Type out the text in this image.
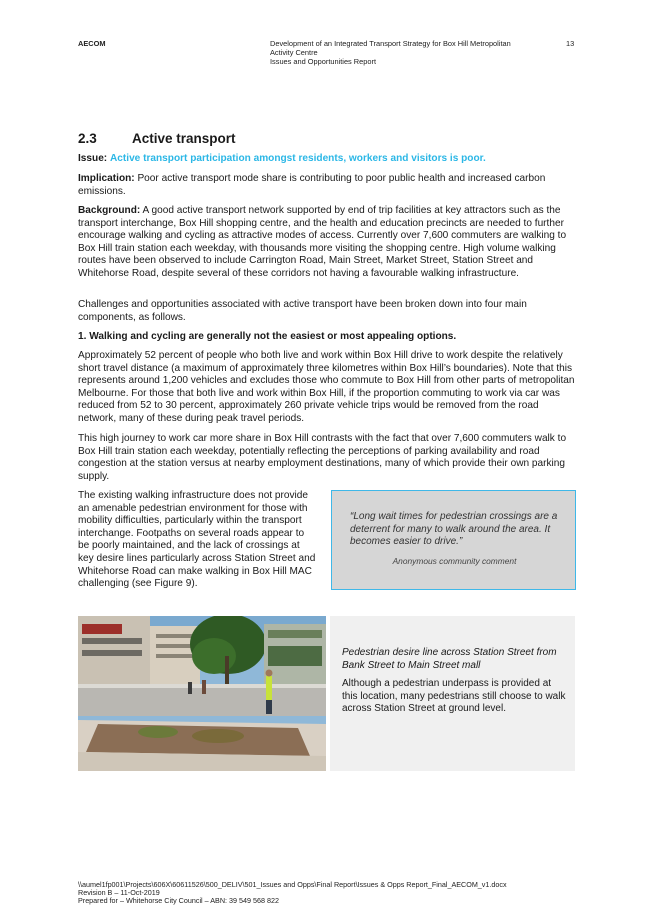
AECOM	Development of an Integrated Transport Strategy for Box Hill Metropolitan
Activity Centre
Issues and Opportunities Report
13
2.3	Active transport
Issue: Active transport participation amongst residents, workers and visitors is poor.
Implication: Poor active transport mode share is contributing to poor public health and increased carbon emissions.
Background: A good active transport network supported by end of trip facilities at key attractors such as the transport interchange, Box Hill shopping centre, and the health and education precincts are needed to further encourage walking and cycling as attractive modes of access. Currently over 7,600 commuters are walking to Box Hill train station each weekday, with thousands more visiting the shopping centre. High volume walking routes have been observed to include Carrington Road, Main Street, Market Street, Station Street and Whitehorse Road, despite several of these corridors not having a favourable walking infrastructure.
Challenges and opportunities associated with active transport have been broken down into four main components, as follows.
1. Walking and cycling are generally not the easiest or most appealing options.
Approximately 52 percent of people who both live and work within Box Hill drive to work despite the relatively short travel distance (a maximum of approximately three kilometres within Box Hill’s boundaries). Note that this represents around 1,200 vehicles and excludes those who commute to Box Hill from other parts of metropolitan Melbourne. For those that both live and work within Box Hill, if the proportion commuting to work via car was reduced from 52 to 30 percent, approximately 260 private vehicle trips would be removed from the road network, many of these during peak travel periods.
This high journey to work car more share in Box Hill contrasts with the fact that over 7,600 commuters walk to Box Hill train station each weekday, potentially reflecting the perceptions of parking availability and road congestion at the station versus at nearby employment destinations, many of which provide their own parking supply.
The existing walking infrastructure does not provide an amenable pedestrian environment for those with mobility difficulties, particularly within the transport interchange. Footpaths on several roads appear to be poorly maintained, and the lack of crossings at key desire lines particularly across Station Street and Whitehorse Road can make walking in Box Hill MAC challenging (see Figure 9).
“Long wait times for pedestrian crossings are a deterrent for many to walk around the area. It becomes easier to drive.”
Anonymous community comment
Pedestrian desire line across Station Street from Bank Street to Main Street mall
Although a pedestrian underpass is provided at this location, many pedestrians still choose to walk across Station Street at ground level.
\\aumel1fp001\Projects\606X\60611526\500_DELIV\501_Issues and Opps\Final Report\Issues & Opps Report_Final_AECOM_v1.docx
Revision B – 11-Oct-2019
Prepared for – Whitehorse City Council – ABN: 39 549 568 822
